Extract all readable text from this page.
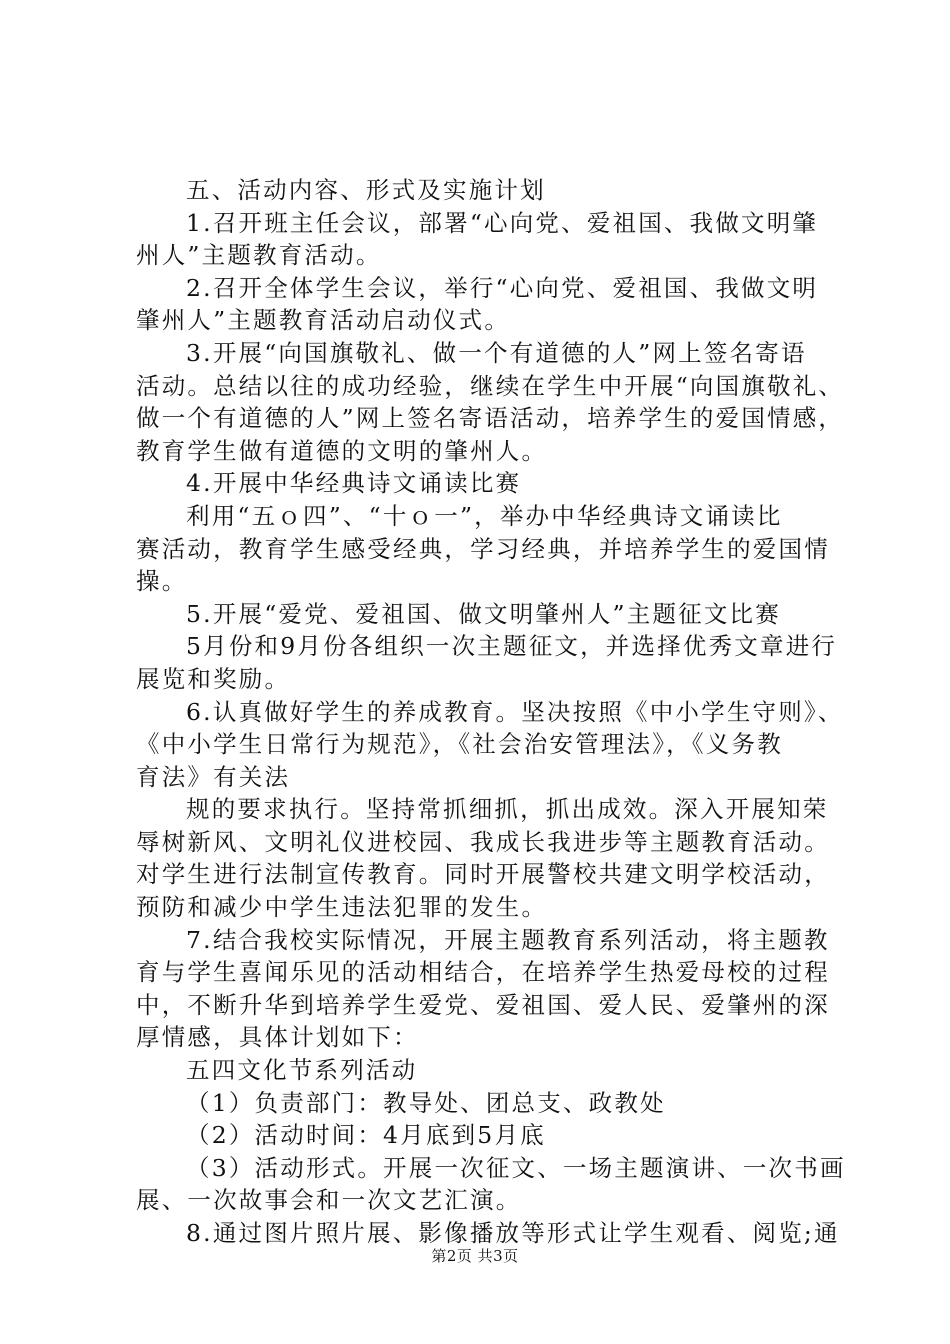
五、活动内容、形式及实施计划
1.召开班主任会议，部署“心向党、爱祖国、我做文明肇
州人”主题教育活动。
2.召开全体学生会议，举行“心向党、爱祖国、我做文明
肇州人”主题教育活动启动仪式。
3.开展“向国旗敬礼、做一个有道德的人”网上签名寄语
活动。总结以往的成功经验，继续在学生中开展“向国旗敬礼、
做一个有道德的人”网上签名寄语活动，培养学生的爱国情感，
教育学生做有道德的文明的肇州人。
4.开展中华经典诗文诵读比赛
利用“五ｏ四”、“十ｏ一”，举办中华经典诗文诵读比
赛活动，教育学生感受经典，学习经典，并培养学生的爱国情
操。
5.开展“爱党、爱祖国、做文明肇州人”主题征文比赛
5月份和9月份各组织一次主题征文，并选择优秀文章进行
展览和奖励。
6.认真做好学生的养成教育。坚决按照《中小学生守则》、
《中小学生日常行为规范》，《社会治安管理法》，《义务教
育法》有关法
规的要求执行。坚持常抓细抓，抓出成效。深入开展知荣
辱树新风、文明礼仪进校园、我成长我进步等主题教育活动。
对学生进行法制宣传教育。同时开展警校共建文明学校活动，
预防和减少中学生违法犯罪的发生。
7.结合我校实际情况，开展主题教育系列活动，将主题教
育与学生喜闻乐见的活动相结合，在培养学生热爱母校的过程
中，不断升华到培养学生爱党、爱祖国、爱人民、爱肇州的深
厚情感，具体计划如下：
五四文化节系列活动
（1）负责部门：教导处、团总支、政教处
（2）活动时间：4月底到5月底
（3）活动形式。开展一次征文、一场主题演讲、一次书画
展、一次故事会和一次文艺汇演。
8.通过图片照片展、影像播放等形式让学生观看、阅览;通
第2页 共3页
